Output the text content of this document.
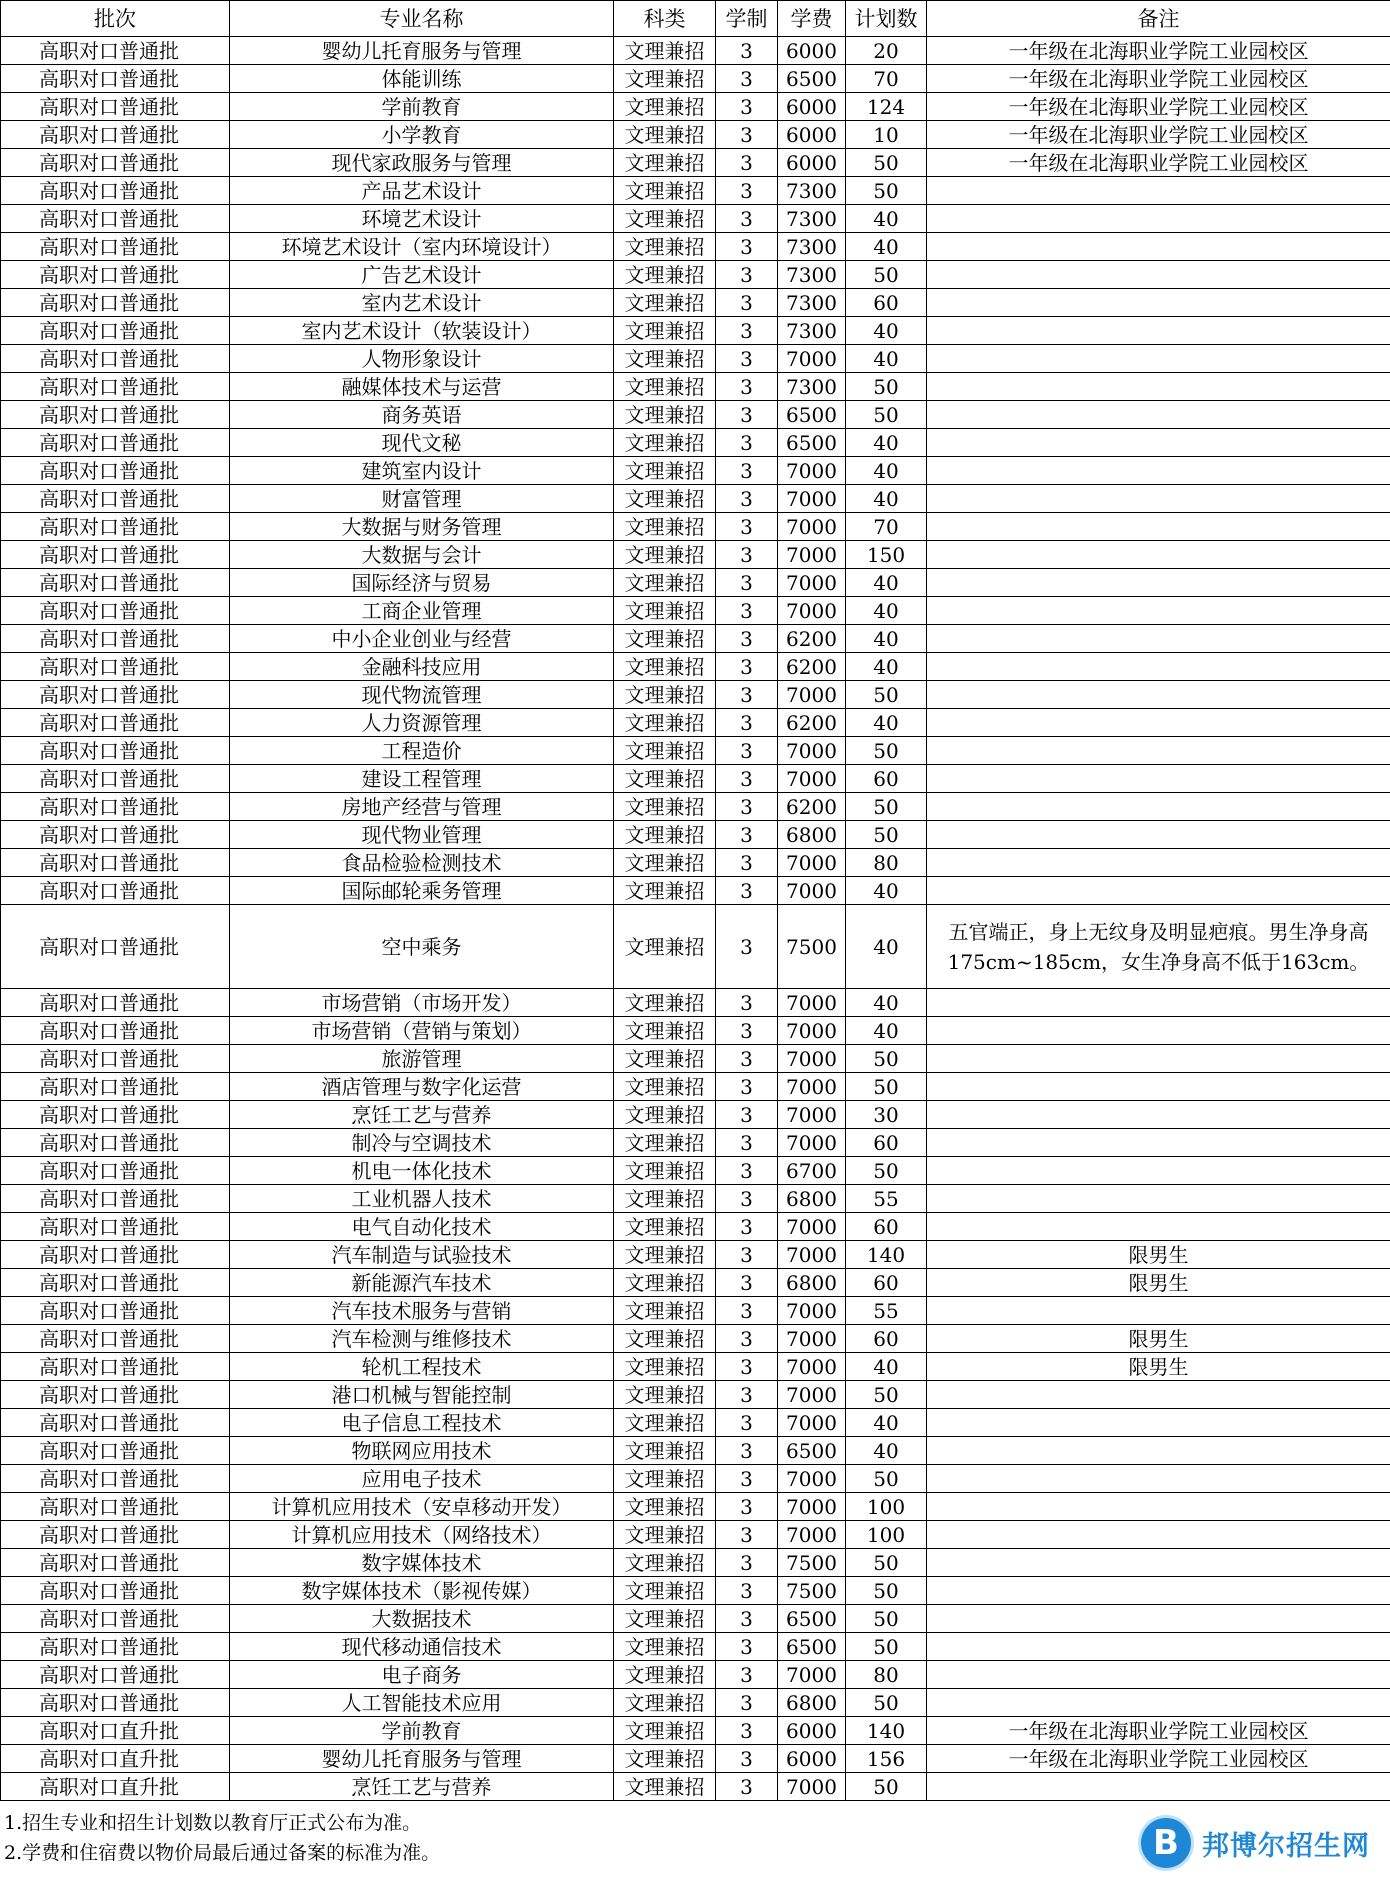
批次	专业名称	科类	学制	学费	计划数	备注
高职对口普通批	婴幼儿托育服务与管理	文理兼招	3	6000	20	一年级在北海职业学院工业园校区
高职对口普通批	体能训练	文理兼招	3	6500	70	一年级在北海职业学院工业园校区
高职对口普通批	学前教育	文理兼招	3	6000	124	一年级在北海职业学院工业园校区
高职对口普通批	小学教育	文理兼招	3	6000	10	一年级在北海职业学院工业园校区
高职对口普通批	现代家政服务与管理	文理兼招	3	6000	50	一年级在北海职业学院工业园校区
高职对口普通批	产品艺术设计	文理兼招	3	7300	50	
高职对口普通批	环境艺术设计	文理兼招	3	7300	40	
高职对口普通批	环境艺术设计（室内环境设计）	文理兼招	3	7300	40	
高职对口普通批	广告艺术设计	文理兼招	3	7300	50	
高职对口普通批	室内艺术设计	文理兼招	3	7300	60	
高职对口普通批	室内艺术设计（软装设计）	文理兼招	3	7300	40	
高职对口普通批	人物形象设计	文理兼招	3	7000	40	
高职对口普通批	融媒体技术与运营	文理兼招	3	7300	50	
高职对口普通批	商务英语	文理兼招	3	6500	50	
高职对口普通批	现代文秘	文理兼招	3	6500	40	
高职对口普通批	建筑室内设计	文理兼招	3	7000	40	
高职对口普通批	财富管理	文理兼招	3	7000	40	
高职对口普通批	大数据与财务管理	文理兼招	3	7000	70	
高职对口普通批	大数据与会计	文理兼招	3	7000	150	
高职对口普通批	国际经济与贸易	文理兼招	3	7000	40	
高职对口普通批	工商企业管理	文理兼招	3	7000	40	
高职对口普通批	中小企业创业与经营	文理兼招	3	6200	40	
高职对口普通批	金融科技应用	文理兼招	3	6200	40	
高职对口普通批	现代物流管理	文理兼招	3	7000	50	
高职对口普通批	人力资源管理	文理兼招	3	6200	40	
高职对口普通批	工程造价	文理兼招	3	7000	50	
高职对口普通批	建设工程管理	文理兼招	3	7000	60	
高职对口普通批	房地产经营与管理	文理兼招	3	6200	50	
高职对口普通批	现代物业管理	文理兼招	3	6800	50	
高职对口普通批	食品检验检测技术	文理兼招	3	7000	80	
高职对口普通批	国际邮轮乘务管理	文理兼招	3	7000	40	
高职对口普通批	空中乘务	文理兼招	3	7500	40	五官端正，身上无纹身及明显疤痕。男生净身高175cm~185cm，女生净身高不低于163cm。
高职对口普通批	市场营销（市场开发）	文理兼招	3	7000	40	
高职对口普通批	市场营销（营销与策划）	文理兼招	3	7000	40	
高职对口普通批	旅游管理	文理兼招	3	7000	50	
高职对口普通批	酒店管理与数字化运营	文理兼招	3	7000	50	
高职对口普通批	烹饪工艺与营养	文理兼招	3	7000	30	
高职对口普通批	制冷与空调技术	文理兼招	3	7000	60	
高职对口普通批	机电一体化技术	文理兼招	3	6700	50	
高职对口普通批	工业机器人技术	文理兼招	3	6800	55	
高职对口普通批	电气自动化技术	文理兼招	3	7000	60	
高职对口普通批	汽车制造与试验技术	文理兼招	3	7000	140	限男生
高职对口普通批	新能源汽车技术	文理兼招	3	6800	60	限男生
高职对口普通批	汽车技术服务与营销	文理兼招	3	7000	55	
高职对口普通批	汽车检测与维修技术	文理兼招	3	7000	60	限男生
高职对口普通批	轮机工程技术	文理兼招	3	7000	40	限男生
高职对口普通批	港口机械与智能控制	文理兼招	3	7000	50	
高职对口普通批	电子信息工程技术	文理兼招	3	7000	40	
高职对口普通批	物联网应用技术	文理兼招	3	6500	40	
高职对口普通批	应用电子技术	文理兼招	3	7000	50	
高职对口普通批	计算机应用技术（安卓移动开发）	文理兼招	3	7000	100	
高职对口普通批	计算机应用技术（网络技术）	文理兼招	3	7000	100	
高职对口普通批	数字媒体技术	文理兼招	3	7500	50	
高职对口普通批	数字媒体技术（影视传媒）	文理兼招	3	7500	50	
高职对口普通批	大数据技术	文理兼招	3	6500	50	
高职对口普通批	现代移动通信技术	文理兼招	3	6500	50	
高职对口普通批	电子商务	文理兼招	3	7000	80	
高职对口普通批	人工智能技术应用	文理兼招	3	6800	50	
高职对口直升批	学前教育	文理兼招	3	6000	140	一年级在北海职业学院工业园校区
高职对口直升批	婴幼儿托育服务与管理	文理兼招	3	6000	156	一年级在北海职业学院工业园校区
高职对口直升批	烹饪工艺与营养	文理兼招	3	7000	50	
1.招生专业和招生计划数以教育厅正式公布为准。
2.学费和住宿费以物价局最后通过备案的标准为准。	B 邦博尔招生网
